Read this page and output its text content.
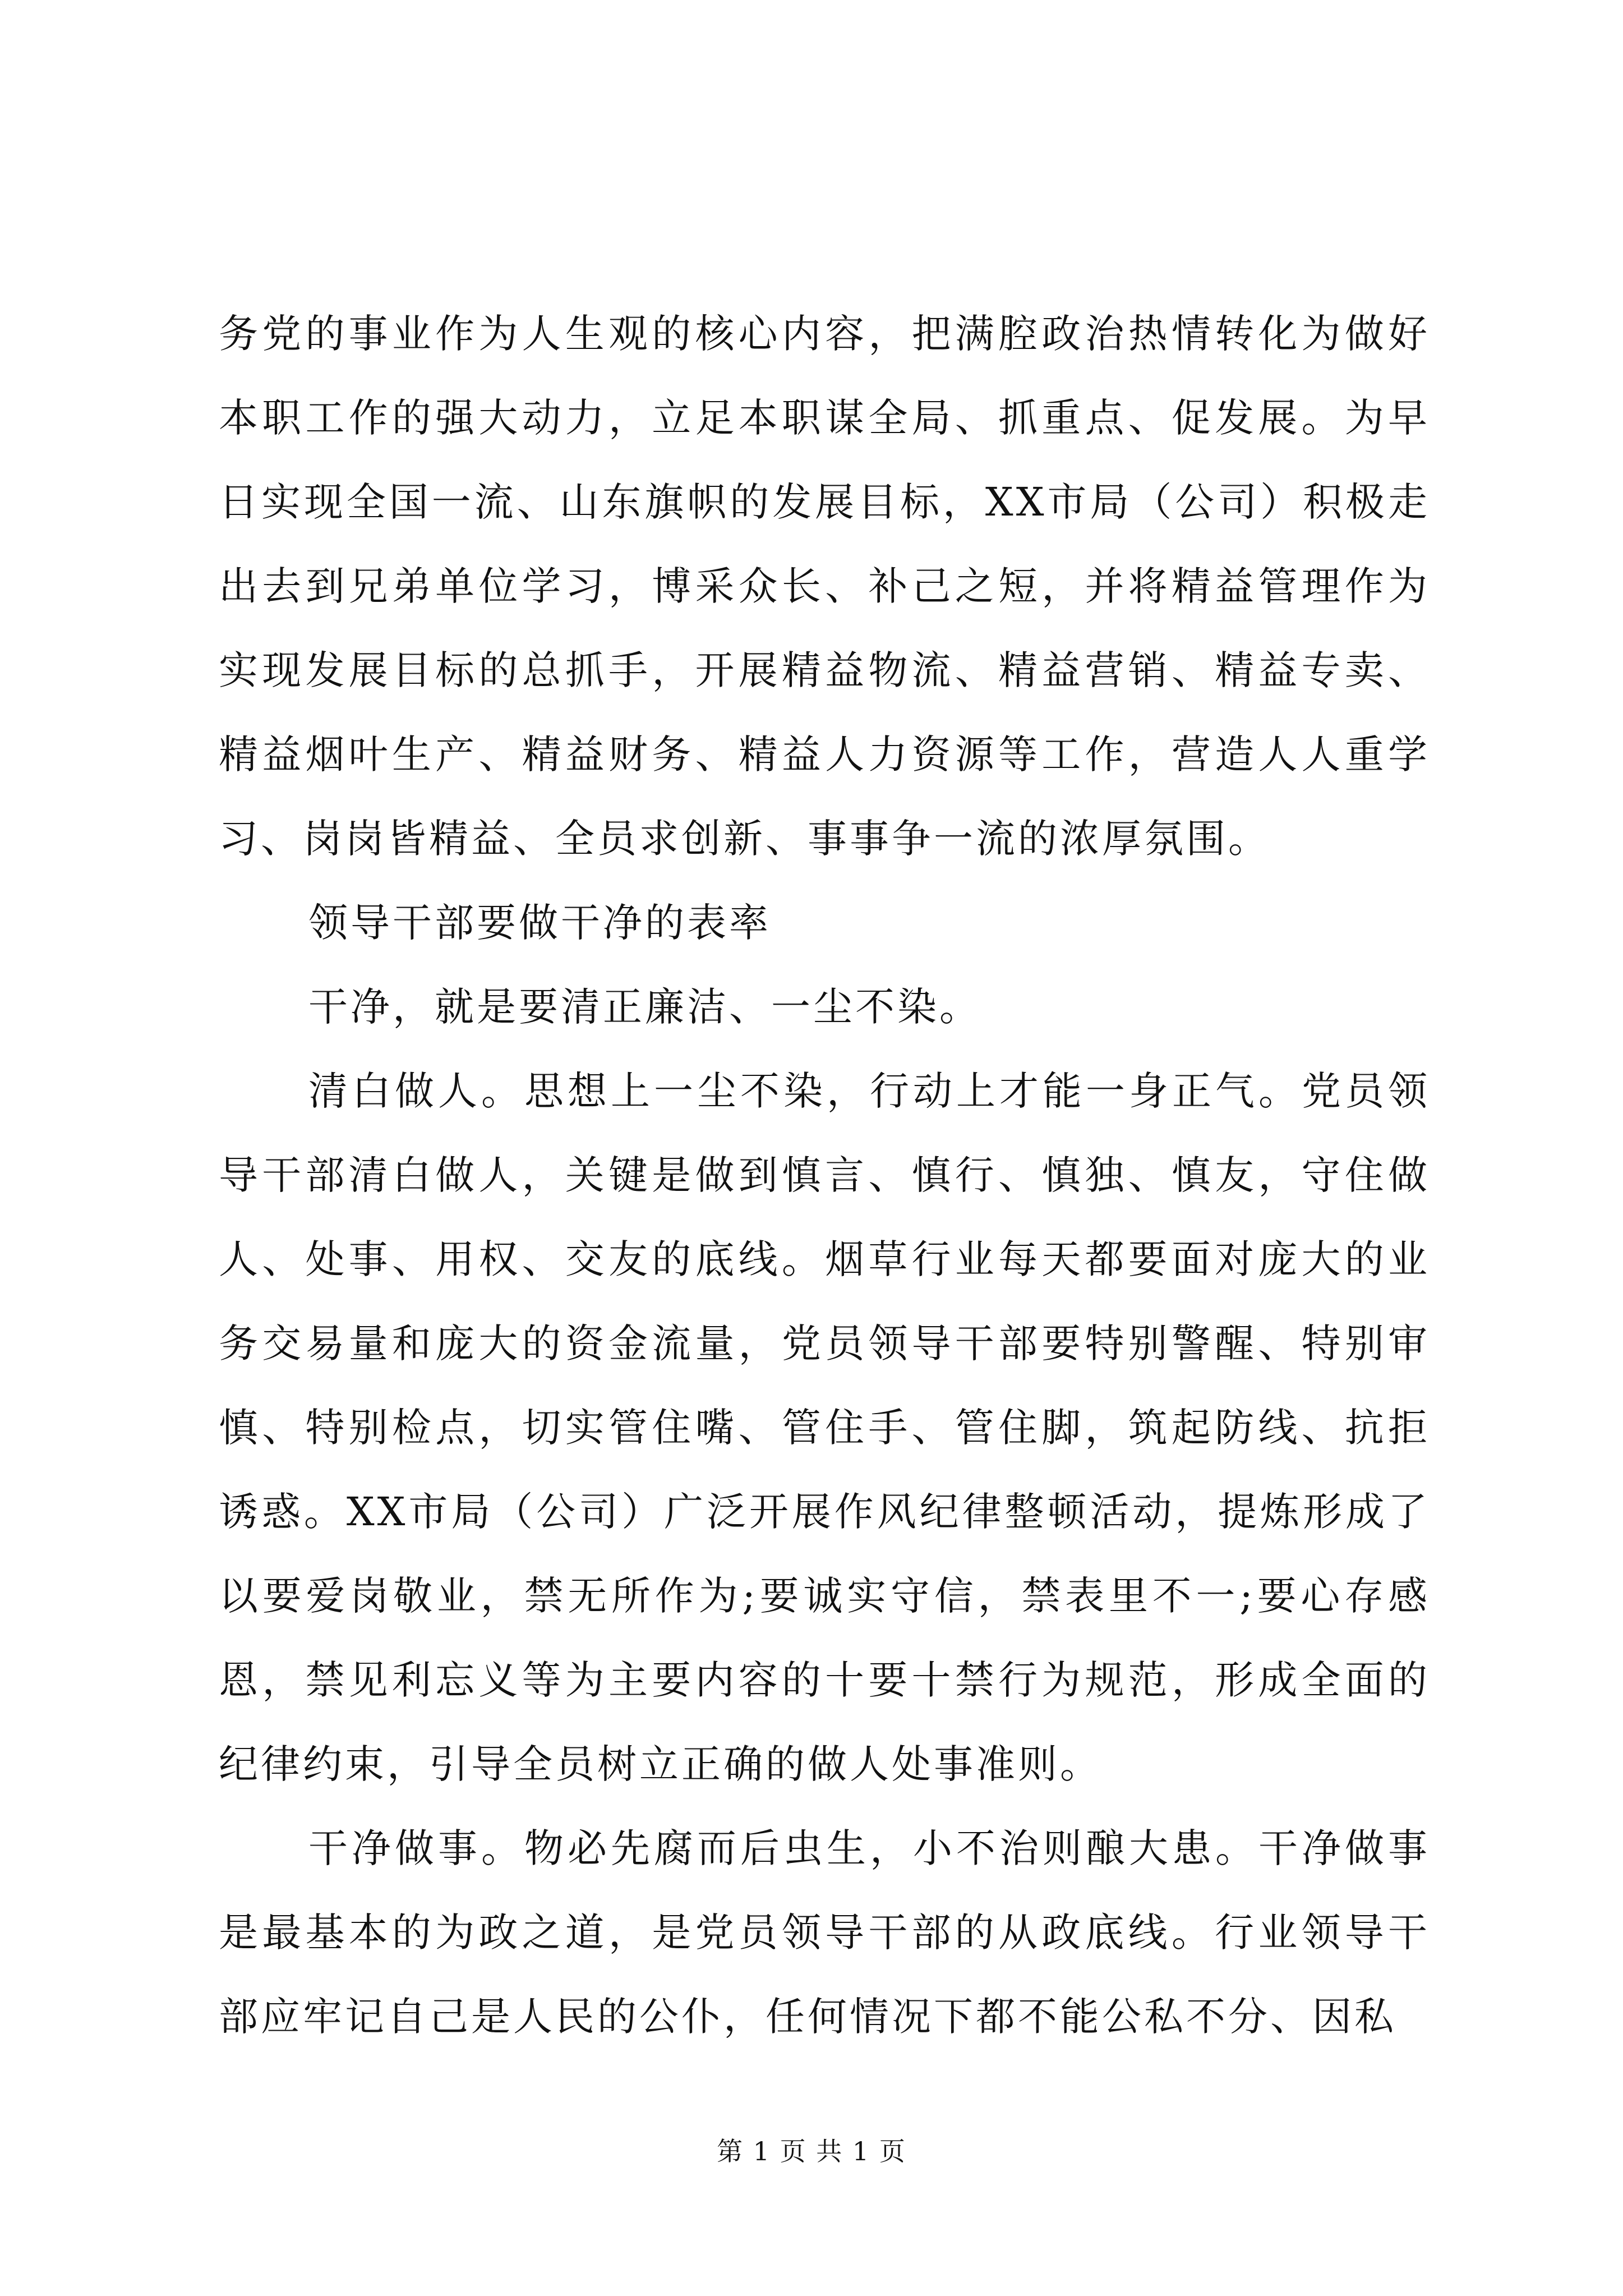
务党的事业作为人生观的核心内容，把满腔政治热情转化为做好本职工作的强大动力，立足本职谋全局、抓重点、促发展。为早日实现全国一流、山东旗帜的发展目标，XX市局（公司）积极走出去到兄弟单位学习，博采众长、补己之短，并将精益管理作为实现发展目标的总抓手，开展精益物流、精益营销、精益专卖、精益烟叶生产、精益财务、精益人力资源等工作，营造人人重学习、岗岗皆精益、全员求创新、事事争一流的浓厚氛围。

领导干部要做干净的表率

干净，就是要清正廉洁、一尘不染。

清白做人。思想上一尘不染，行动上才能一身正气。党员领导干部清白做人，关键是做到慎言、慎行、慎独、慎友，守住做人、处事、用权、交友的底线。烟草行业每天都要面对庞大的业务交易量和庞大的资金流量，党员领导干部要特别警醒、特别审慎、特别检点，切实管住嘴、管住手、管住脚，筑起防线、抗拒诱惑。XX市局（公司）广泛开展作风纪律整顿活动，提炼形成了以要爱岗敬业，禁无所作为;要诚实守信，禁表里不一;要心存感恩，禁见利忘义等为主要内容的十要十禁行为规范，形成全面的纪律约束，引导全员树立正确的做人处事准则。

干净做事。物必先腐而后虫生，小不治则酿大患。干净做事是最基本的为政之道，是党员领导干部的从政底线。行业领导干部应牢记自己是人民的公仆，任何情况下都不能公私不分、因私

第 1 页 共 1 页
